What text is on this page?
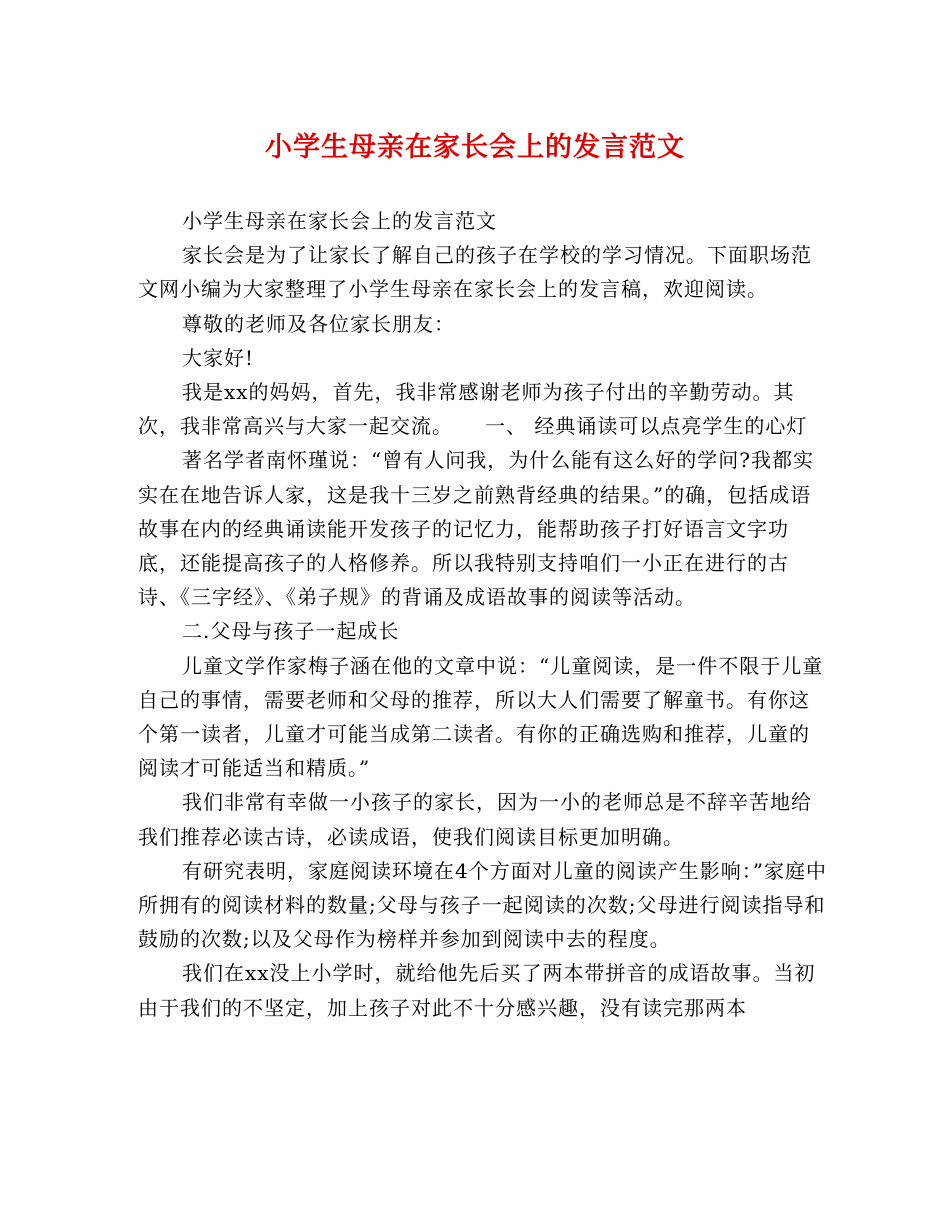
小学生母亲在家长会上的发言范文

小学生母亲在家长会上的发言范文

家长会是为了让家长了解自己的孩子在学校的学习情况。下面职场范文网小编为大家整理了小学生母亲在家长会上的发言稿，欢迎阅读。

尊敬的老师及各位家长朋友：

大家好!

我是xx的妈妈，首先，我非常感谢老师为孩子付出的辛勤劳动。其次，我非常高兴与大家一起交流。　　一、 经典诵读可以点亮学生的心灯

著名学者南怀瑾说：“曾有人问我，为什么能有这么好的学问?我都实实在在地告诉人家，这是我十三岁之前熟背经典的结果。”的确，包括成语故事在内的经典诵读能开发孩子的记忆力，能帮助孩子打好语言文字功底，还能提高孩子的人格修养。所以我特别支持咱们一小正在进行的古诗、《三字经》、《弟子规》的背诵及成语故事的阅读等活动。

二.父母与孩子一起成长

儿童文学作家梅子涵在他的文章中说：“儿童阅读，是一件不限于儿童自己的事情，需要老师和父母的推荐，所以大人们需要了解童书。有你这个第一读者，儿童才可能当成第二读者。有你的正确选购和推荐，儿童的阅读才可能适当和精质。”

我们非常有幸做一小孩子的家长，因为一小的老师总是不辞辛苦地给我们推荐必读古诗，必读成语，使我们阅读目标更加明确。

有研究表明，家庭阅读环境在4个方面对儿童的阅读产生影响：”家庭中所拥有的阅读材料的数量;父母与孩子一起阅读的次数;父母进行阅读指导和鼓励的次数;以及父母作为榜样并参加到阅读中去的程度。

我们在xx没上小学时，就给他先后买了两本带拼音的成语故事。当初由于我们的不坚定，加上孩子对此不十分感兴趣，没有读完那两本
